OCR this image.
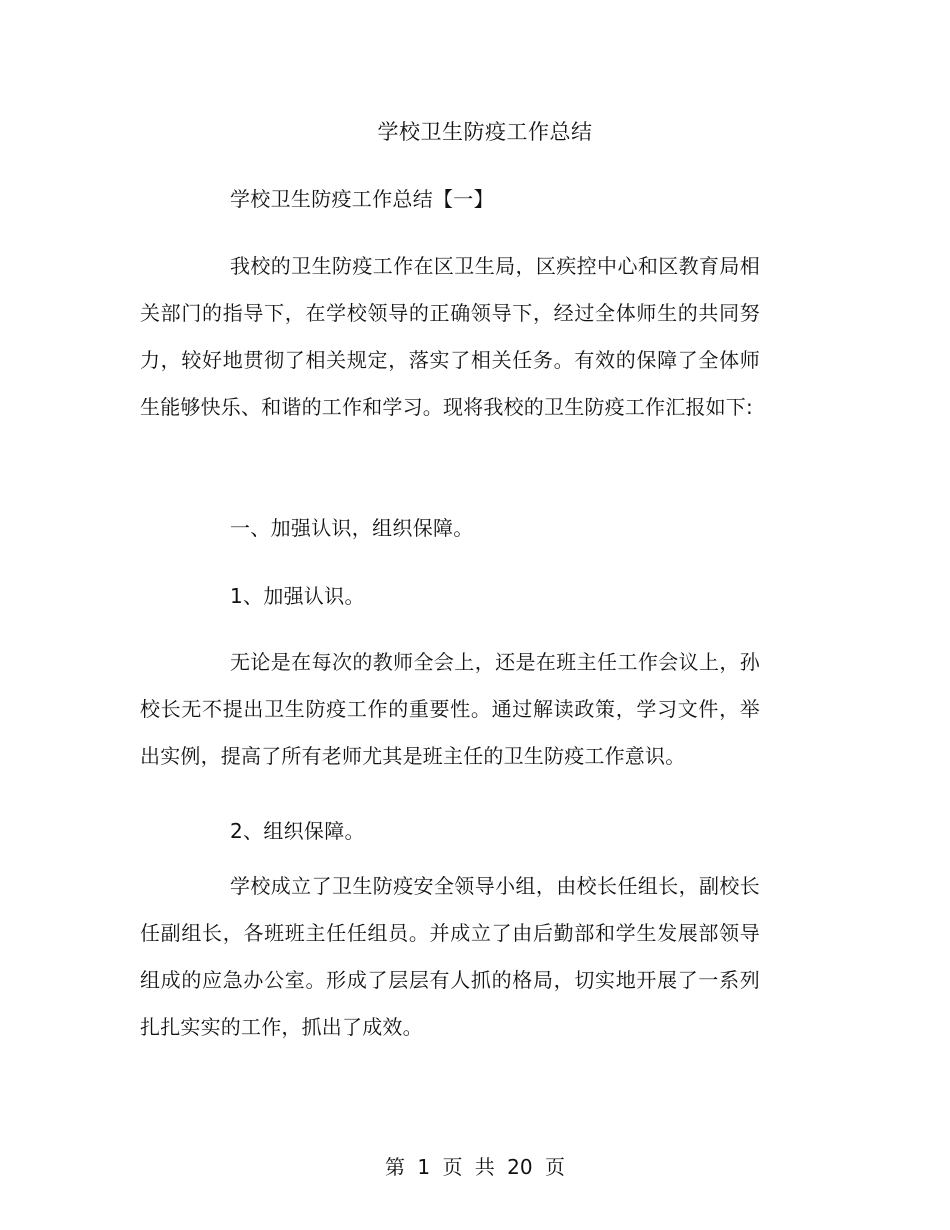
学校卫生防疫工作总结
学校卫生防疫工作总结【一】

我校的卫生防疫工作在区卫生局，区疾控中心和区教育局相关部门的指导下，在学校领导的正确领导下，经过全体师生的共同努力，较好地贯彻了相关规定，落实了相关任务。有效的保障了全体师生能够快乐、和谐的工作和学习。现将我校的卫生防疫工作汇报如下:

一、加强认识，组织保障。
1、加强认识。

无论是在每次的教师全会上，还是在班主任工作会议上，孙校长无不提出卫生防疫工作的重要性。通过解读政策，学习文件，举出实例，提高了所有老师尤其是班主任的卫生防疫工作意识。

2、组织保障。

学校成立了卫生防疫安全领导小组，由校长任组长，副校长任副组长，各班班主任任组员。并成立了由后勤部和学生发展部领导组成的应急办公室。形成了层层有人抓的格局，切实地开展了一系列扎扎实实的工作，抓出了成效。

第 1 页 共 20 页
